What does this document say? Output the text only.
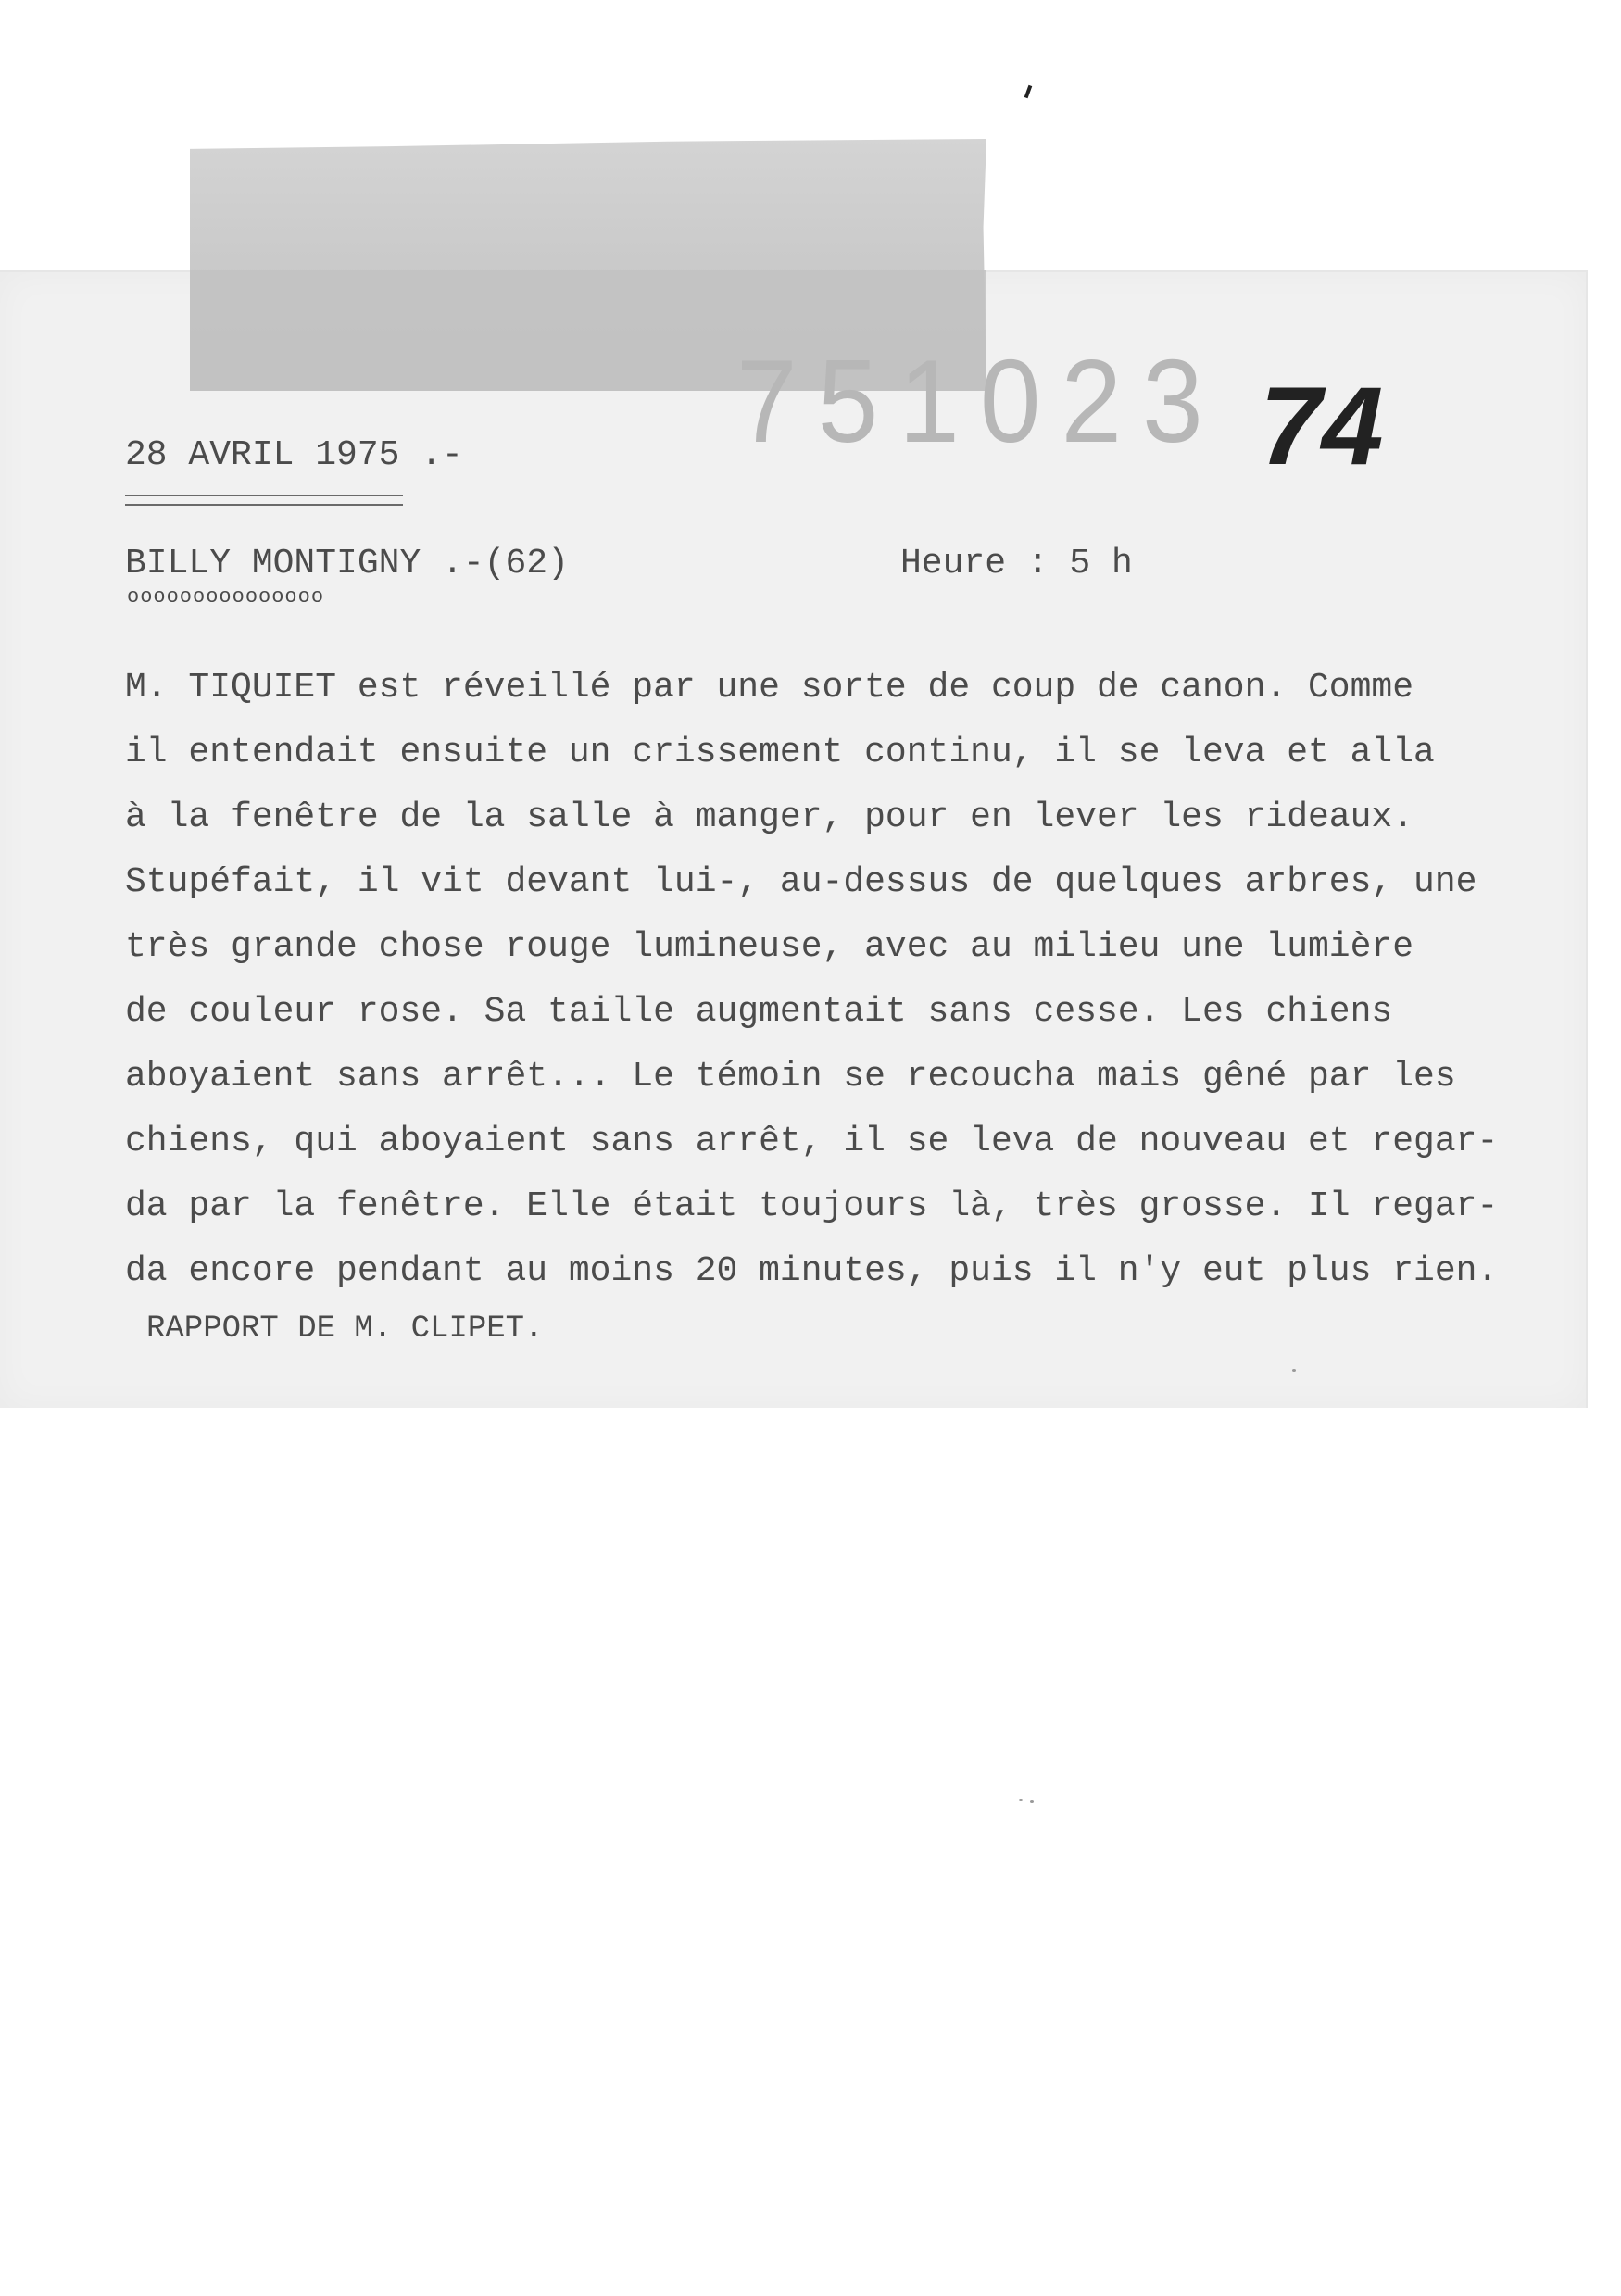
751023 74
28 AVRIL 1975 .-
BILLY MONTIGNY .-(62)	Heure : 5 h
ooooooooooooooo
M. TIQUIET est réveillé par une sorte de coup de canon. Comme
il entendait ensuite un crissement continu, il se leva et alla
à la fenêtre de la salle à manger, pour en lever les rideaux.
Stupéfait, il vit devant lui-, au-dessus de quelques arbres, une
très grande chose rouge lumineuse, avec au milieu une lumière
de couleur rose. Sa taille augmentait sans cesse. Les chiens
aboyaient sans arrêt... Le témoin se recoucha mais gêné par les
chiens, qui aboyaient sans arrêt, il se leva de nouveau et regar-
da par la fenêtre. Elle était toujours là, très grosse. Il regar-
da encore pendant au moins 20 minutes, puis il n'y eut plus rien.
RAPPORT DE M. CLIPET.
